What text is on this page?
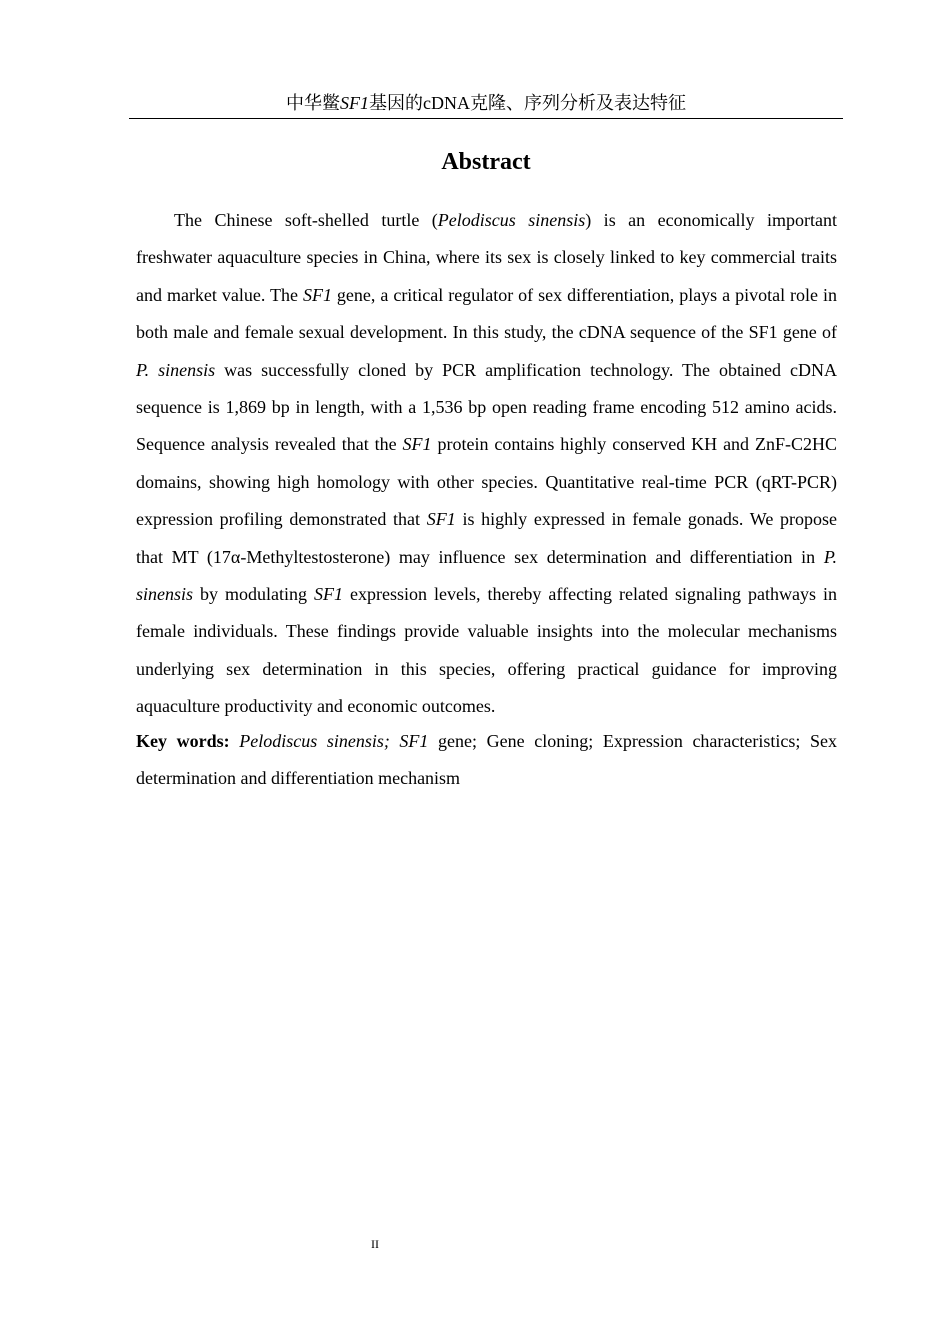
中华鳖SF1基因的cDNA克隆、序列分析及表达特征
Abstract

The Chinese soft-shelled turtle (Pelodiscus sinensis) is an economically important freshwater aquaculture species in China, where its sex is closely linked to key commercial traits and market value. The SF1 gene, a critical regulator of sex differentiation, plays a pivotal role in both male and female sexual development. In this study, the cDNA sequence of the SF1 gene of P. sinensis was successfully cloned by PCR amplification technology. The obtained cDNA sequence is 1,869 bp in length, with a 1,536 bp open reading frame encoding 512 amino acids. Sequence analysis revealed that the SF1 protein contains highly conserved KH and ZnF-C2HC domains, showing high homology with other species. Quantitative real-time PCR (qRT-PCR) expression profiling demonstrated that SF1 is highly expressed in female gonads. We propose that MT (17α-Methyltestosterone) may influence sex determination and differentiation in P. sinensis by modulating SF1 expression levels, thereby affecting related signaling pathways in female individuals. These findings provide valuable insights into the molecular mechanisms underlying sex determination in this species, offering practical guidance for improving aquaculture productivity and economic outcomes.

Key words: Pelodiscus sinensis; SF1 gene; Gene cloning; Expression characteristics; Sex determination and differentiation mechanism

II
